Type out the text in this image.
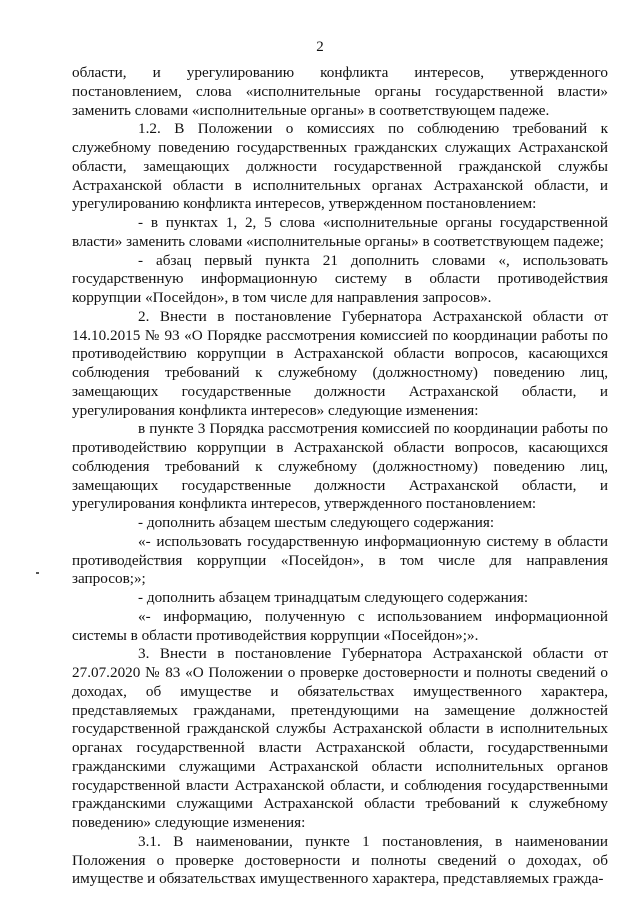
2

области, и урегулированию конфликта интересов, утвержденного постановлением, слова «исполнительные органы государственной власти» заменить словами «исполнительные органы» в соответствующем падеже.

1.2. В Положении о комиссиях по соблюдению требований к служебному поведению государственных гражданских служащих Астраханской области, замещающих должности государственной гражданской службы Астраханской области в исполнительных органах Астраханской области, и урегулированию конфликта интересов, утвержденном постановлением:

- в пунктах 1, 2, 5 слова «исполнительные органы государственной власти» заменить словами «исполнительные органы» в соответствующем падеже;

- абзац первый пункта 21 дополнить словами «, использовать государственную информационную систему в области противодействия коррупции «Посейдон», в том числе для направления запросов».

2. Внести в постановление Губернатора Астраханской области от 14.10.2015 № 93 «О Порядке рассмотрения комиссией по координации работы по противодействию коррупции в Астраханской области вопросов, касающихся соблюдения требований к служебному (должностному) поведению лиц, замещающих государственные должности Астраханской области, и урегулирования конфликта интересов» следующие изменения:

в пункте 3 Порядка рассмотрения комиссией по координации работы по противодействию коррупции в Астраханской области вопросов, касающихся соблюдения требований к служебному (должностному) поведению лиц, замещающих государственные должности Астраханской области, и урегулирования конфликта интересов, утвержденного постановлением:

- дополнить абзацем шестым следующего содержания:

«- использовать государственную информационную систему в области противодействия коррупции «Посейдон», в том числе для направления запросов;»;

- дополнить абзацем тринадцатым следующего содержания:

«- информацию, полученную с использованием информационной системы в области противодействия коррупции «Посейдон»;».

3. Внести в постановление Губернатора Астраханской области от 27.07.2020 № 83 «О Положении о проверке достоверности и полноты сведений о доходах, об имуществе и обязательствах имущественного характера, представляемых гражданами, претендующими на замещение должностей государственной гражданской службы Астраханской области в исполнительных органах государственной власти Астраханской области, государственными гражданскими служащими Астраханской области исполнительных органов государственной власти Астраханской области, и соблюдения государственными гражданскими служащими Астраханской области требований к служебному поведению» следующие изменения:

3.1. В наименовании, пункте 1 постановления, в наименовании Положения о проверке достоверности и полноты сведений о доходах, об имуществе и обязательствах имущественного характера, представляемых гражда-
